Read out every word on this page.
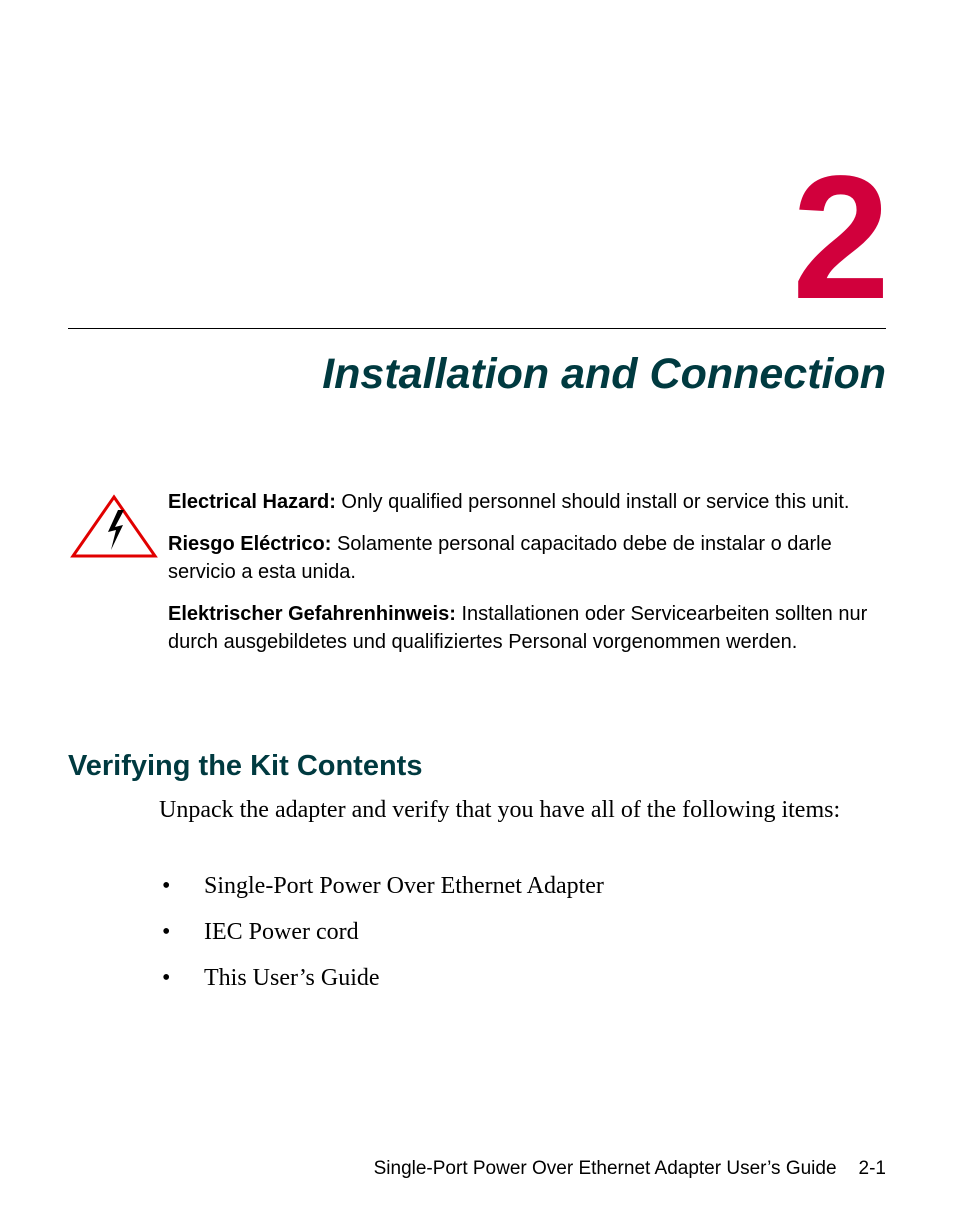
2
Installation and Connection

Electrical Hazard: Only qualified personnel should install or service this unit.

Riesgo Eléctrico: Solamente personal capacitado debe de instalar o darle servicio a esta unida.

Elektrischer Gefahrenhinweis: Installationen oder Servicearbeiten sollten nur durch ausgebildetes und qualifiziertes Personal vorgenommen werden.

Verifying the Kit Contents
Unpack the adapter and verify that you have all of the following items:
• Single-Port Power Over Ethernet Adapter
• IEC Power cord
• This User’s Guide
Single-Port Power Over Ethernet Adapter User’s Guide 2-1
